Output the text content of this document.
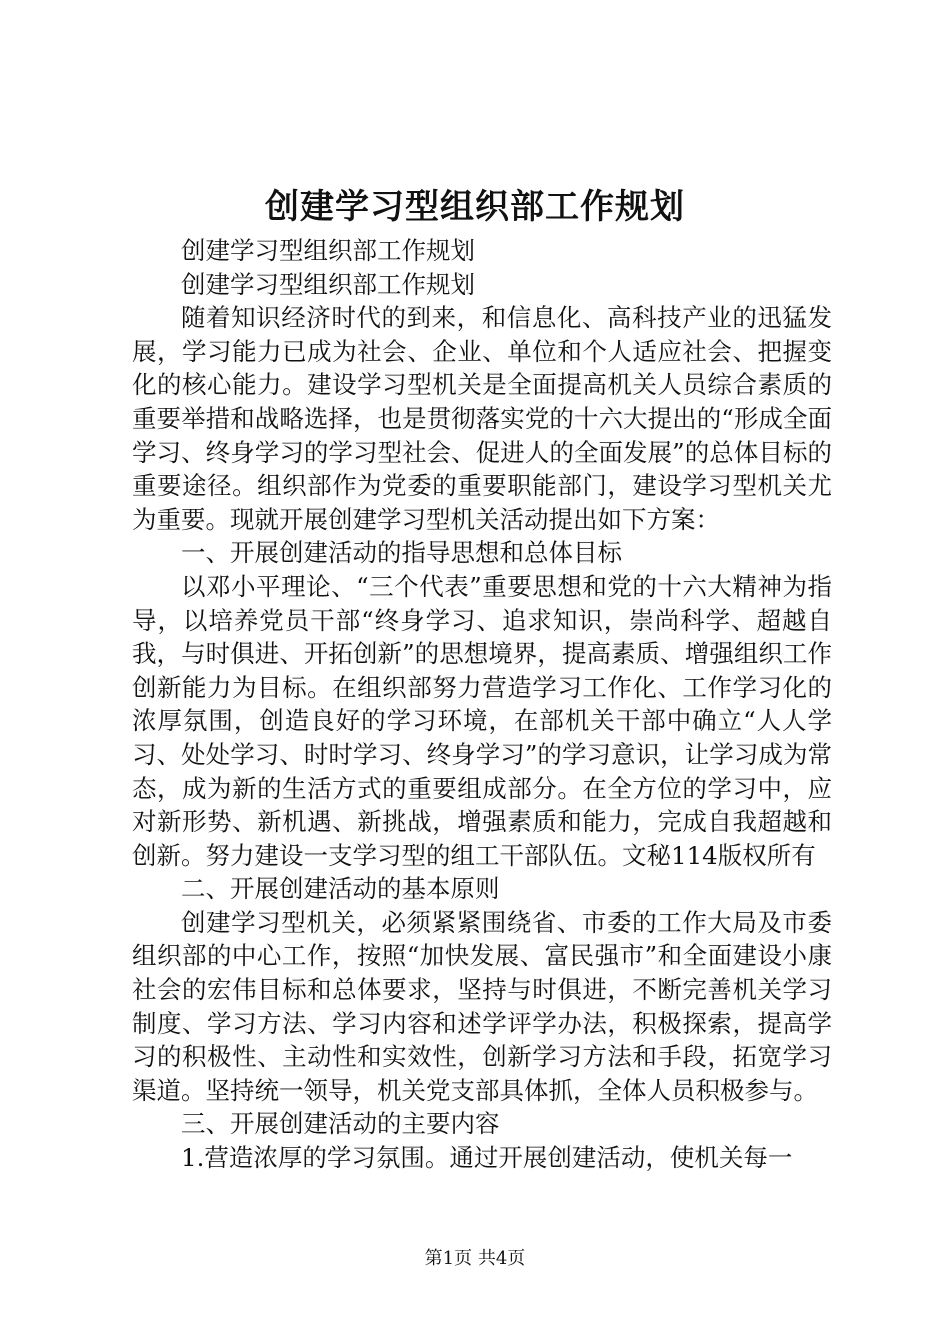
创建学习型组织部工作规划

创建学习型组织部工作规划

创建学习型组织部工作规划

随着知识经济时代的到来，和信息化、高科技产业的迅猛发展，学习能力已成为社会、企业、单位和个人适应社会、把握变化的核心能力。建设学习型机关是全面提高机关人员综合素质的重要举措和战略选择，也是贯彻落实党的十六大提出的“形成全面学习、终身学习的学习型社会、促进人的全面发展”的总体目标的重要途径。组织部作为党委的重要职能部门，建设学习型机关尤为重要。现就开展创建学习型机关活动提出如下方案：

一、开展创建活动的指导思想和总体目标

以邓小平理论、“三个代表”重要思想和党的十六大精神为指导，以培养党员干部“终身学习、追求知识，崇尚科学、超越自我，与时俱进、开拓创新”的思想境界，提高素质、增强组织工作创新能力为目标。在组织部努力营造学习工作化、工作学习化的浓厚氛围，创造良好的学习环境，在部机关干部中确立“人人学习、处处学习、时时学习、终身学习”的学习意识，让学习成为常态，成为新的生活方式的重要组成部分。在全方位的学习中，应对新形势、新机遇、新挑战，增强素质和能力，完成自我超越和创新。努力建设一支学习型的组工干部队伍。文秘114版权所有

二、开展创建活动的基本原则

创建学习型机关，必须紧紧围绕省、市委的工作大局及市委组织部的中心工作，按照“加快发展、富民强市”和全面建设小康社会的宏伟目标和总体要求，坚持与时俱进，不断完善机关学习制度、学习方法、学习内容和述学评学办法，积极探索，提高学习的积极性、主动性和实效性，创新学习方法和手段，拓宽学习渠道。坚持统一领导，机关党支部具体抓，全体人员积极参与。

三、开展创建活动的主要内容

1.营造浓厚的学习氛围。通过开展创建活动，使机关每一

第1页 共4页
